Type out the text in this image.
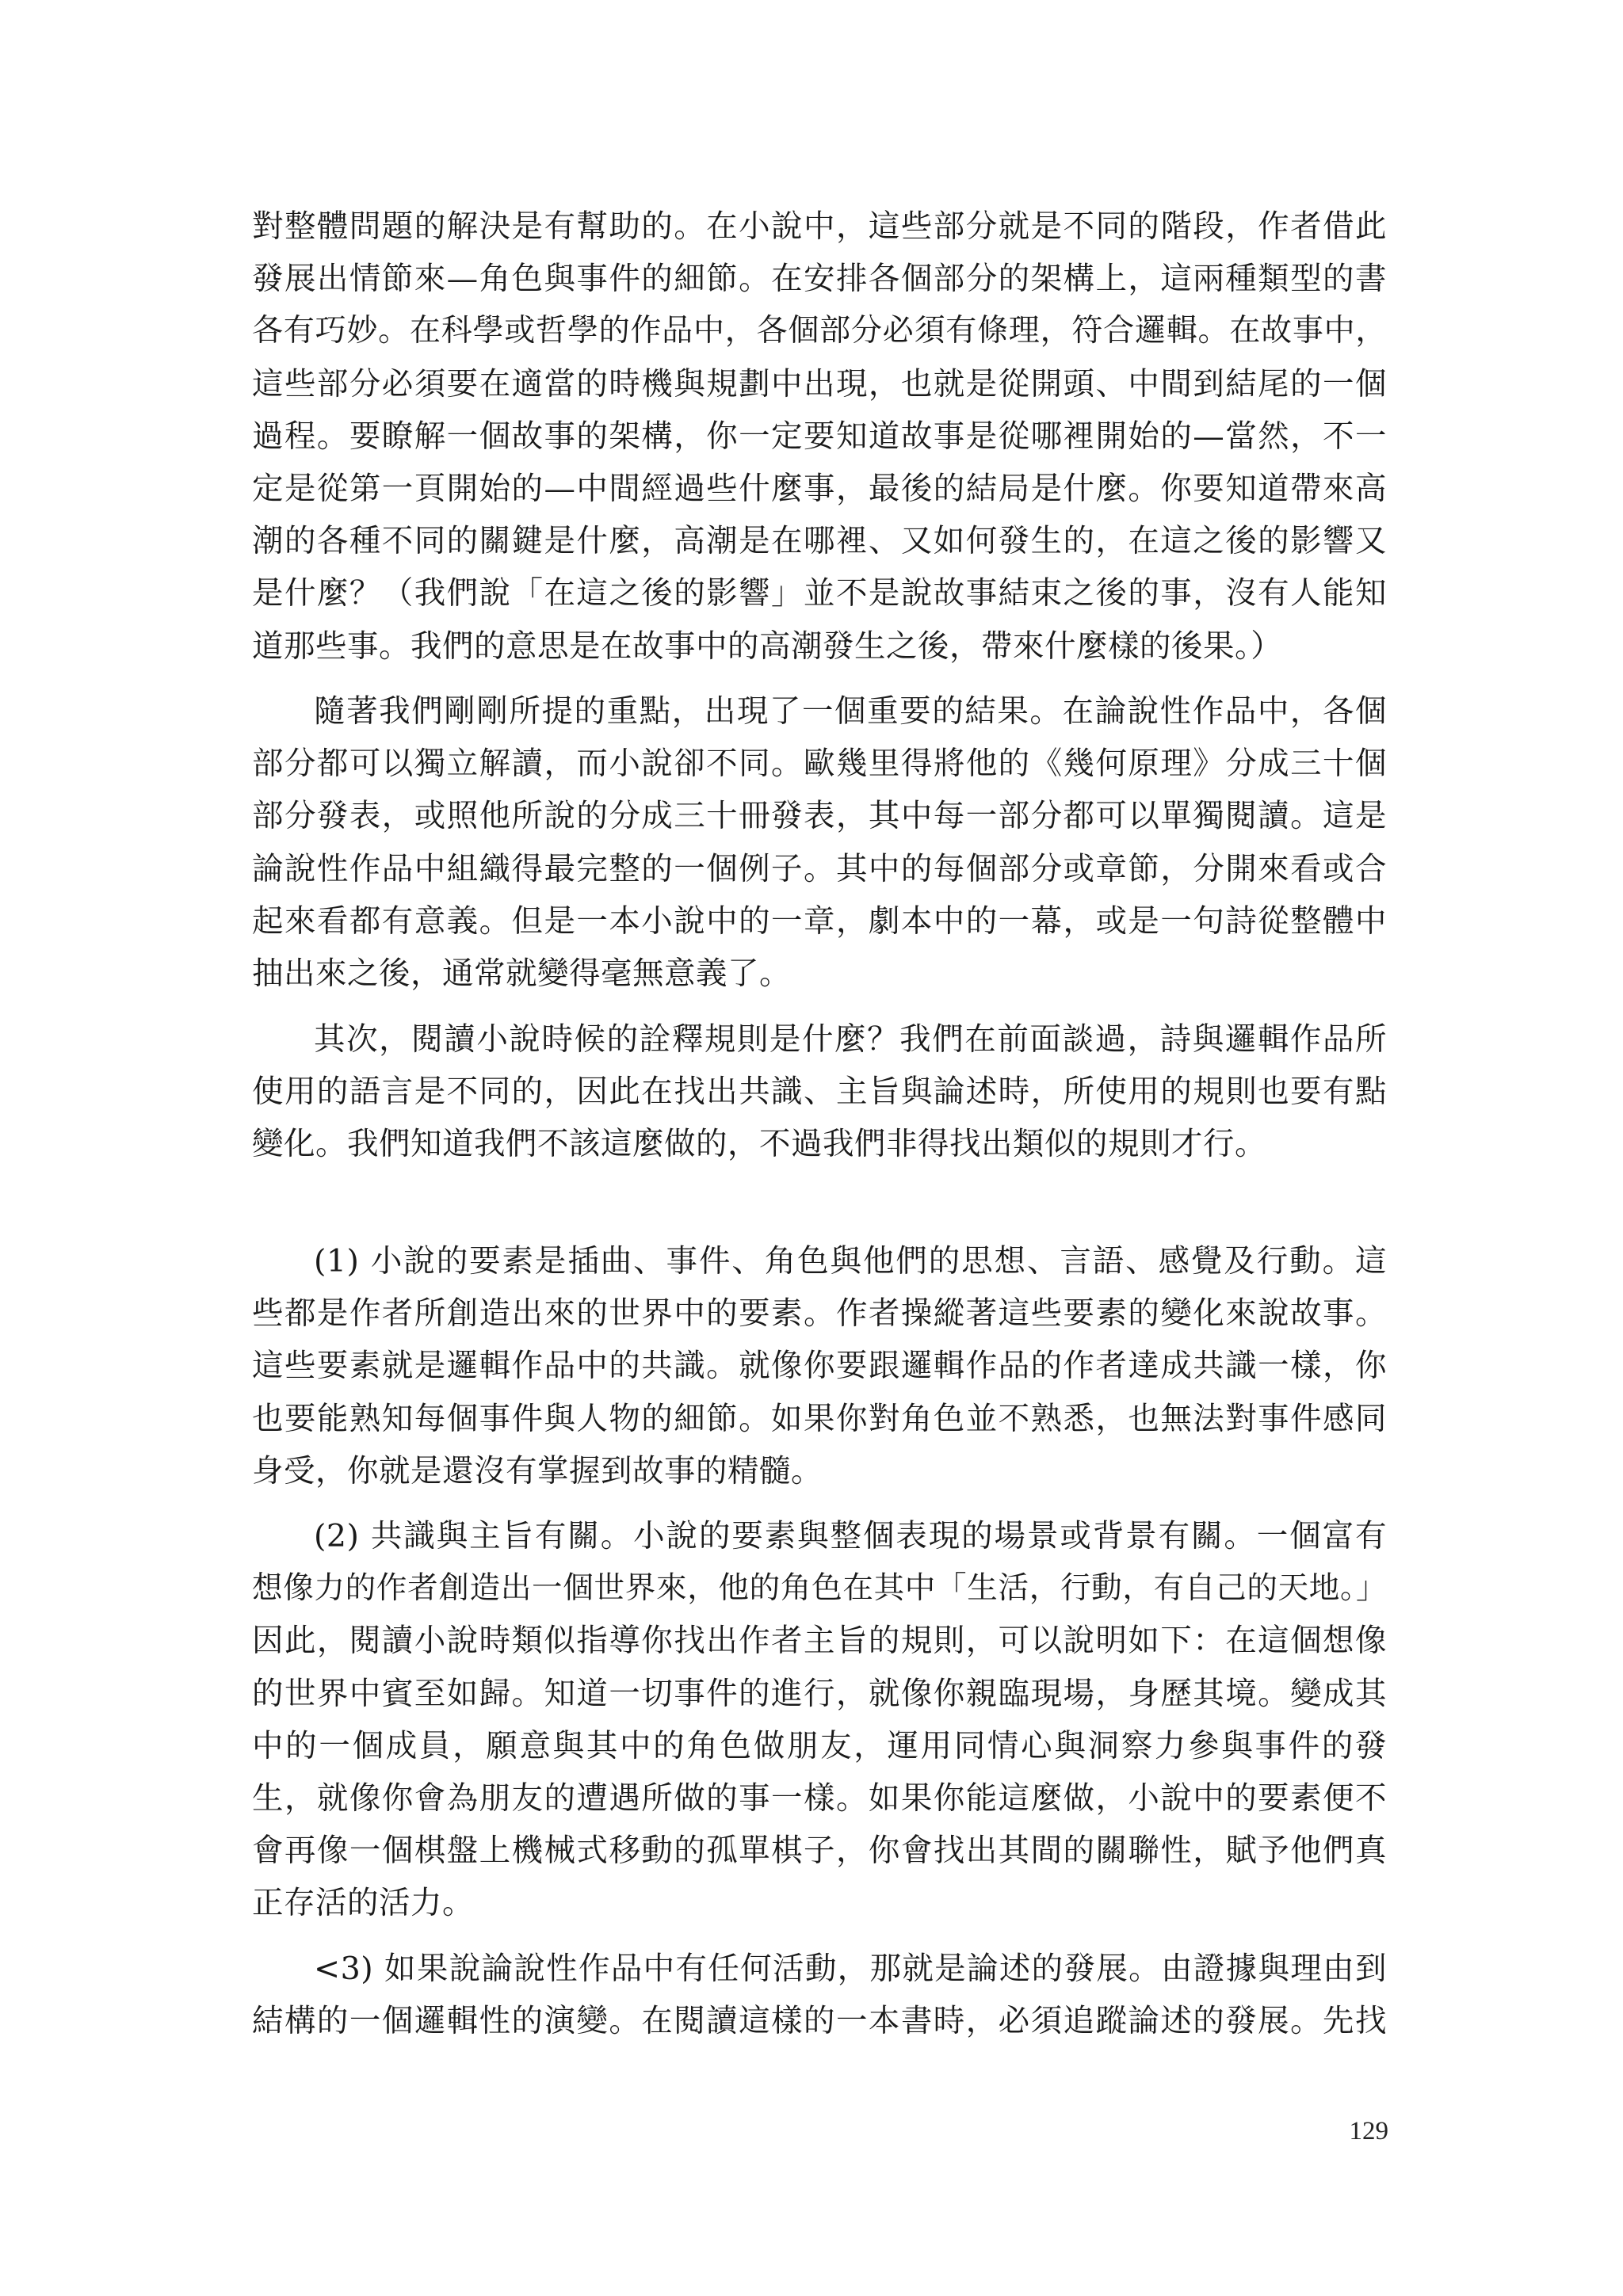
對整體問題的解決是有幫助的。在小說中，這些部分就是不同的階段，作者借此
發展出情節來—角色與事件的細節。在安排各個部分的架構上，這兩種類型的書
各有巧妙。在科學或哲學的作品中，各個部分必須有條理，符合邏輯。在故事中，
這些部分必須要在適當的時機與規劃中出現，也就是從開頭、中間到結尾的一個
過程。要瞭解一個故事的架構，你一定要知道故事是從哪裡開始的—當然，不一
定是從第一頁開始的—中間經過些什麼事，最後的結局是什麼。你要知道帶來高
潮的各種不同的關鍵是什麼，高潮是在哪裡、又如何發生的，在這之後的影響又
是什麼？（我們說「在這之後的影響」並不是說故事結束之後的事，沒有人能知
道那些事。我們的意思是在故事中的高潮發生之後，帶來什麼樣的後果。）
隨著我們剛剛所提的重點，出現了一個重要的結果。在論說性作品中，各個
部分都可以獨立解讀，而小說卻不同。歐幾里得將他的《幾何原理》分成三十個
部分發表，或照他所說的分成三十冊發表，其中每一部分都可以單獨閱讀。這是
論說性作品中組織得最完整的一個例子。其中的每個部分或章節，分開來看或合
起來看都有意義。但是一本小說中的一章，劇本中的一幕，或是一句詩從整體中
抽出來之後，通常就變得毫無意義了。
其次，閱讀小說時候的詮釋規則是什麼？我們在前面談過，詩與邏輯作品所
使用的語言是不同的，因此在找出共識、主旨與論述時，所使用的規則也要有點
變化。我們知道我們不該這麼做的，不過我們非得找出類似的規則才行。
(1) 小說的要素是插曲、事件、角色與他們的思想、言語、感覺及行動。這
些都是作者所創造出來的世界中的要素。作者操縱著這些要素的變化來說故事。
這些要素就是邏輯作品中的共識。就像你要跟邏輯作品的作者達成共識一樣，你
也要能熟知每個事件與人物的細節。如果你對角色並不熟悉，也無法對事件感同
身受，你就是還沒有掌握到故事的精髓。
(2) 共識與主旨有關。小說的要素與整個表現的場景或背景有關。一個富有
想像力的作者創造出一個世界來，他的角色在其中「生活，行動，有自己的天地。」
因此，閱讀小說時類似指導你找出作者主旨的規則，可以說明如下：在這個想像
的世界中賓至如歸。知道一切事件的進行，就像你親臨現場，身歷其境。變成其
中的一個成員，願意與其中的角色做朋友，運用同情心與洞察力參與事件的發
生，就像你會為朋友的遭遇所做的事一樣。如果你能這麼做，小說中的要素便不
會再像一個棋盤上機械式移動的孤單棋子，你會找出其間的關聯性，賦予他們真
正存活的活力。
<3) 如果說論說性作品中有任何活動，那就是論述的發展。由證據與理由到
結構的一個邏輯性的演變。在閱讀這樣的一本書時，必須追蹤論述的發展。先找
129
